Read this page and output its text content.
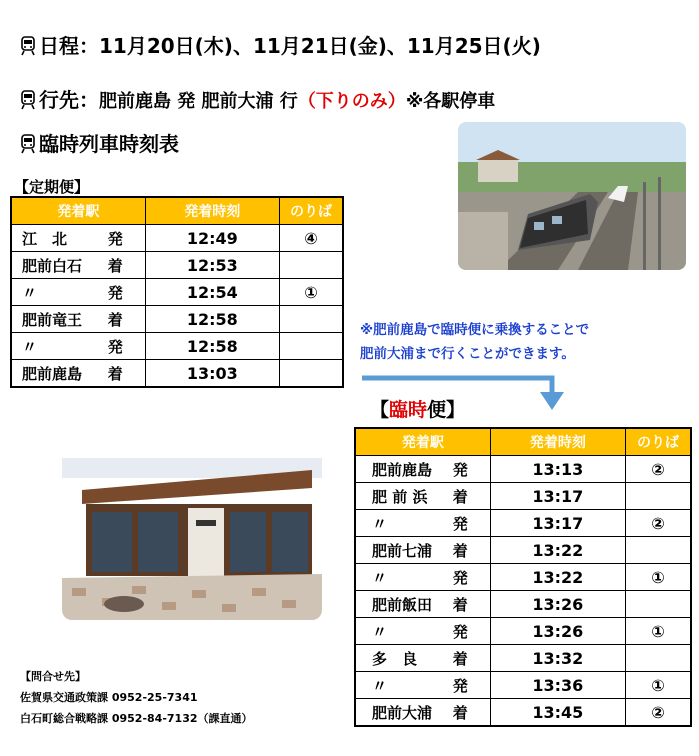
日程：11月20日(木)、11月21日(金)、11月25日(火)
行先：肥前鹿島 発 肥前大浦 行（下りのみ）※各駅停車
臨時列車時刻表
【定期便】
発着駅	発着時刻	のりば
江　北 発	12:49	④
肥前白石 着	12:53	
〃 発	12:54	①
肥前竜王 着	12:58	
〃 発	12:58	
肥前鹿島 着	13:03	
※肥前鹿島で臨時便に乗換することで
肥前大浦まで行くことができます。
【臨時便】
発着駅	発着時刻	のりば
肥前鹿島 発	13:13	②
肥 前 浜 着	13:17	
〃 発	13:17	②
肥前七浦 着	13:22	
〃 発	13:22	①
肥前飯田 着	13:26	
〃 発	13:26	①
多　良 着	13:32	
〃 発	13:36	①
肥前大浦 着	13:45	②
【問合せ先】
佐賀県交通政策課 0952-25-7341
白石町総合戦略課 0952-84-7132（課直通）
